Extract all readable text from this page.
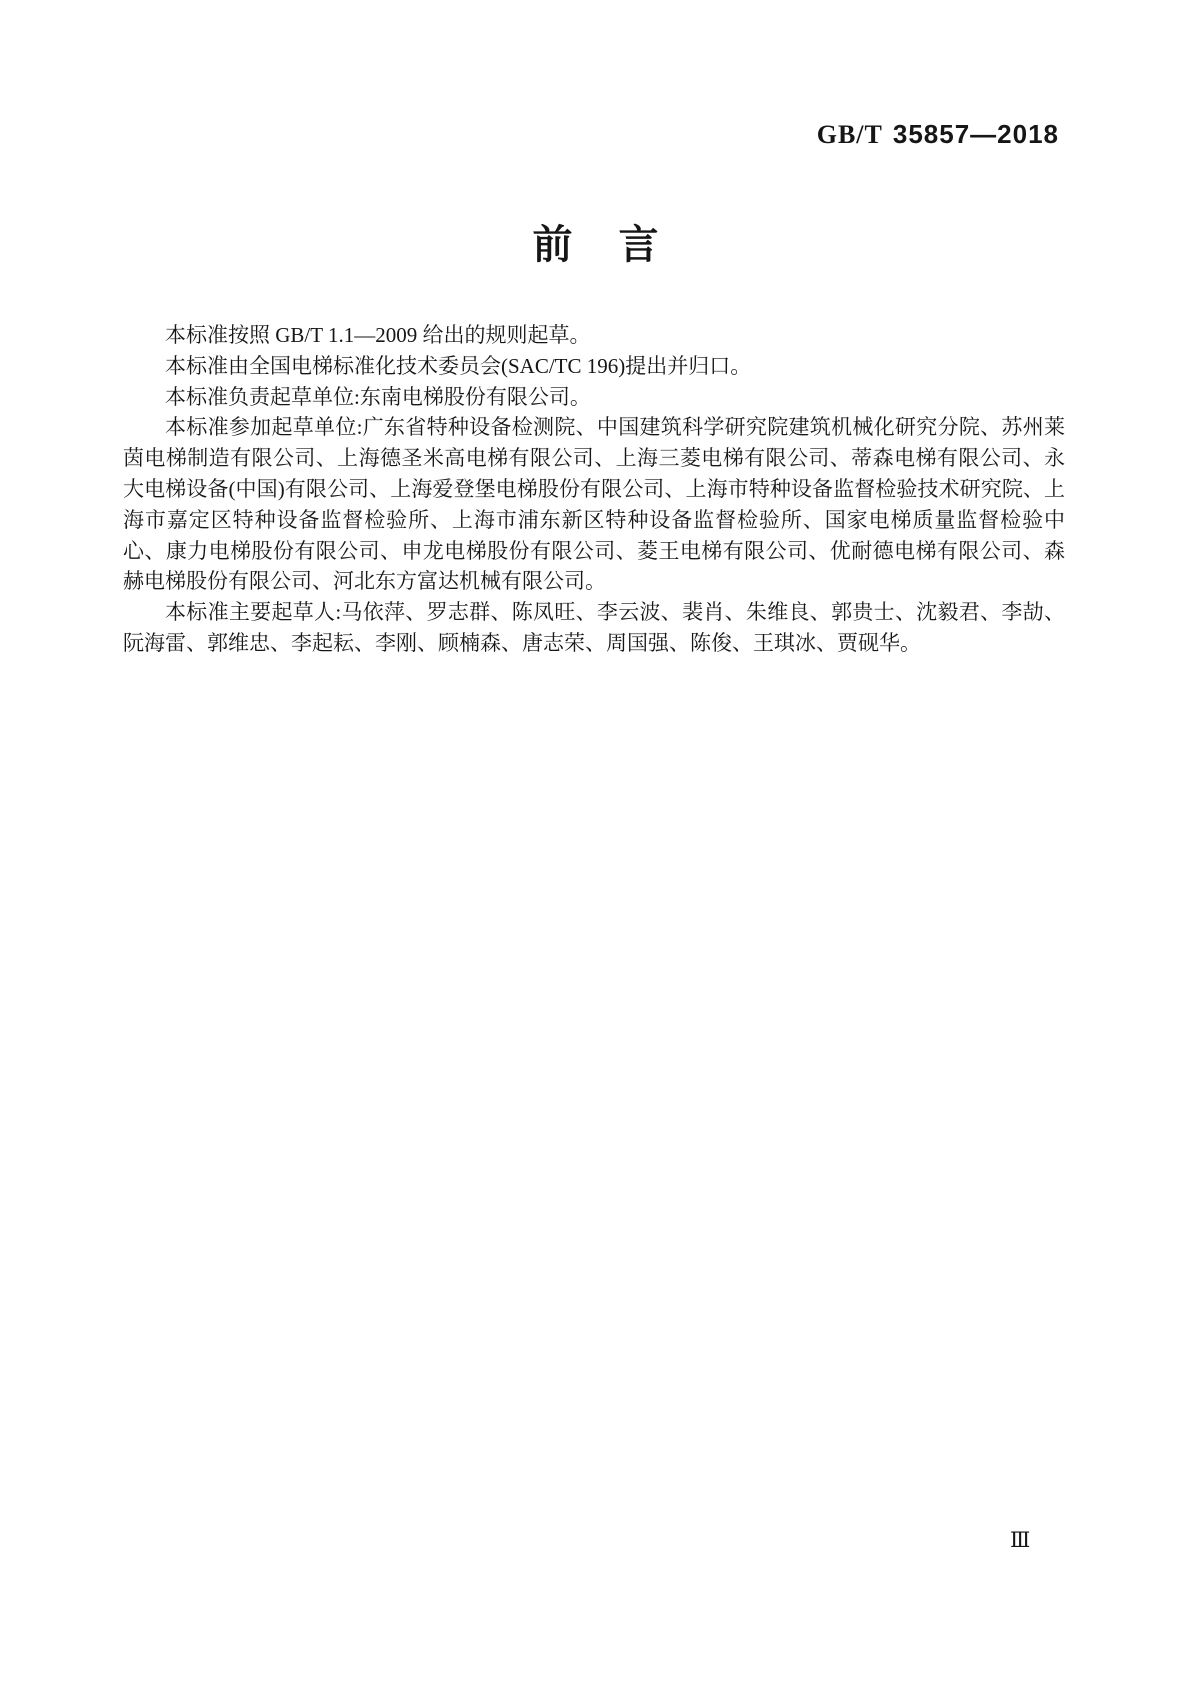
GB/T 35857—2018
前言

本标准按照 GB/T 1.1—2009 给出的规则起草。

本标准由全国电梯标准化技术委员会(SAC/TC 196)提出并归口。

本标准负责起草单位:东南电梯股份有限公司。

本标准参加起草单位:广东省特种设备检测院、中国建筑科学研究院建筑机械化研究分院、苏州莱茵电梯制造有限公司、上海德圣米高电梯有限公司、上海三菱电梯有限公司、蒂森电梯有限公司、永大电梯设备(中国)有限公司、上海爱登堡电梯股份有限公司、上海市特种设备监督检验技术研究院、上海市嘉定区特种设备监督检验所、上海市浦东新区特种设备监督检验所、国家电梯质量监督检验中心、康力电梯股份有限公司、申龙电梯股份有限公司、菱王电梯有限公司、优耐德电梯有限公司、森赫电梯股份有限公司、河北东方富达机械有限公司。

本标准主要起草人:马依萍、罗志群、陈凤旺、李云波、裴肖、朱维良、郭贵士、沈毅君、李劼、阮海雷、郭维忠、李起耘、李刚、顾楠森、唐志荣、周国强、陈俊、王琪冰、贾砚华。

Ⅲ
